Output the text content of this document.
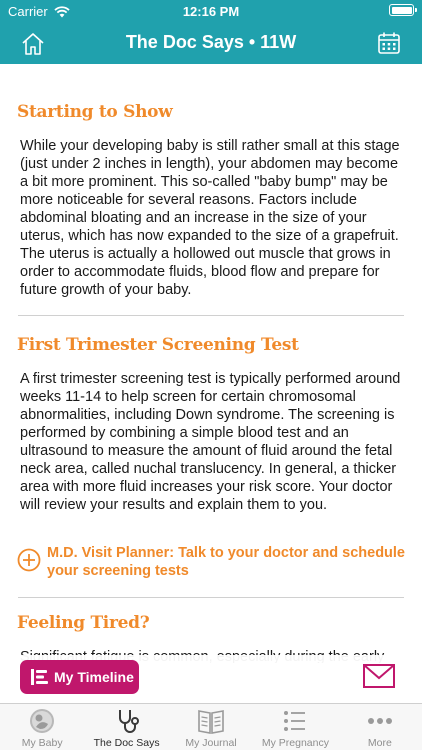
Carrier	12:16 PM
The Doc Says • 11W
Starting to Show
While your developing baby is still rather small at this stage (just under 2 inches in length), your abdomen may become a bit more prominent. This so-called "baby bump" may be more noticeable for several reasons. Factors include abdominal bloating and an increase in the size of your uterus, which has now expanded to the size of a grapefruit. The uterus is actually a hollowed out muscle that grows in order to accommodate fluids, blood flow and prepare for future growth of your baby.
First Trimester Screening Test
A first trimester screening test is typically performed around weeks 11-14 to help screen for certain chromosomal abnormalities, including Down syndrome. The screening is performed by combining a simple blood test and an ultrasound to measure the amount of fluid around the fetal neck area, called nuchal translucency. In general, a thicker area with more fluid increases your risk score. Your doctor will review your results and explain them to you.
M.D. Visit Planner: Talk to your doctor and schedule your screening tests
Feeling Tired?
My Timeline
My Baby	The Doc Says	My Journal	My Pregnancy	More
